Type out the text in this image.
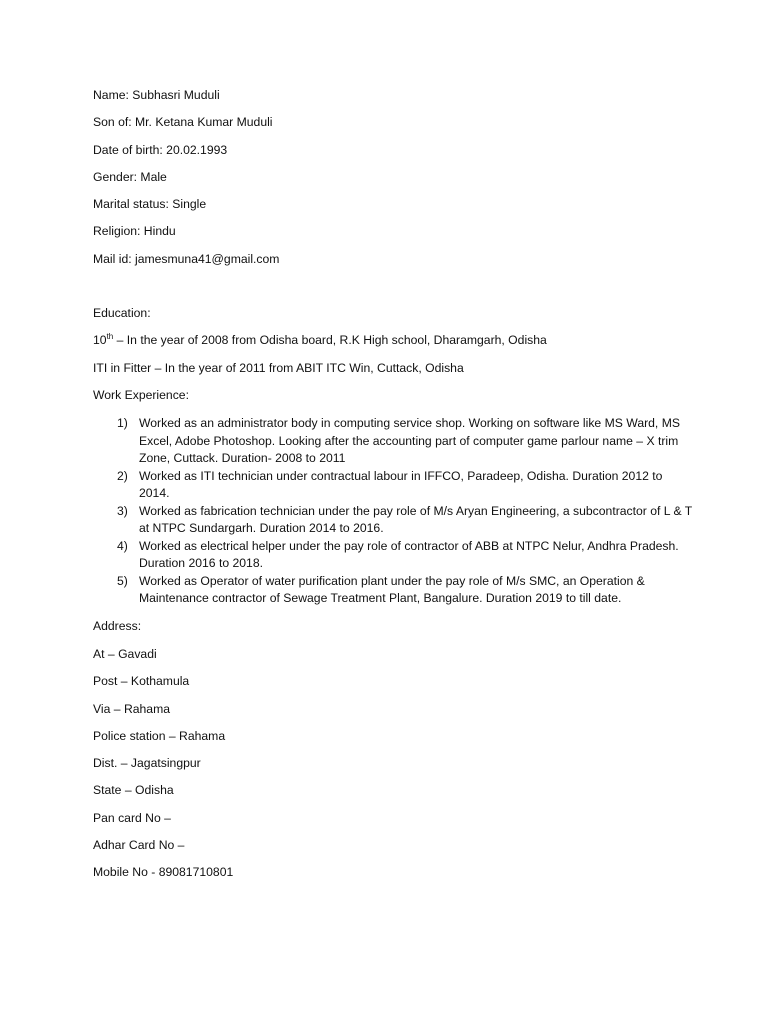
Name: Subhasri Muduli
Son of: Mr. Ketana Kumar Muduli
Date of birth: 20.02.1993
Gender: Male
Marital status: Single
Religion: Hindu
Mail id: jamesmuna41@gmail.com
Education:
10th – In the year of 2008 from Odisha board, R.K High school, Dharamgarh, Odisha
ITI in Fitter – In the year of 2011 from ABIT ITC Win, Cuttack, Odisha
Work Experience:
1) Worked as an administrator body in computing service shop. Working on software like MS Ward, MS Excel, Adobe Photoshop. Looking after the accounting part of computer game parlour name – X trim Zone, Cuttack. Duration- 2008 to 2011
2) Worked as ITI technician under contractual labour in IFFCO, Paradeep, Odisha. Duration 2012 to 2014.
3) Worked as fabrication technician under the pay role of M/s Aryan Engineering, a subcontractor of L & T at NTPC Sundargarh. Duration 2014 to 2016.
4) Worked as electrical helper under the pay role of contractor of ABB at NTPC Nelur, Andhra Pradesh. Duration 2016 to 2018.
5) Worked as Operator of water purification plant under the pay role of M/s SMC, an Operation & Maintenance contractor of Sewage Treatment Plant, Bangalure. Duration 2019 to till date.
Address:
At – Gavadi
Post – Kothamula
Via – Rahama
Police station – Rahama
Dist. – Jagatsingpur
State – Odisha
Pan card No –
Adhar Card No –
Mobile No - 89081710801
